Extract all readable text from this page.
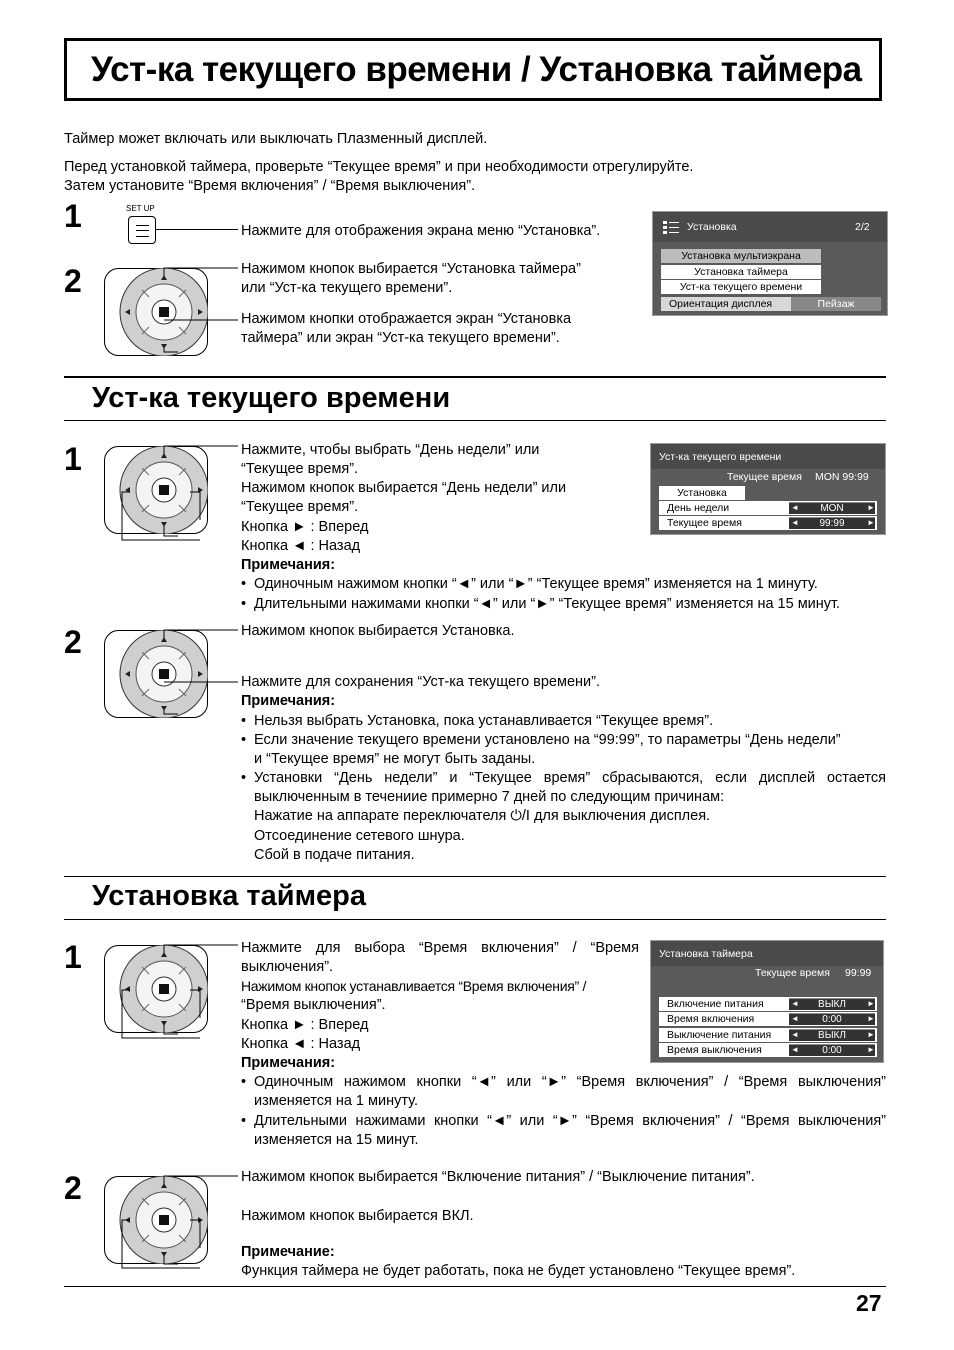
Уст-ка текущего времени / Установка таймера
Таймер может включать или выключать Плазменный дисплей.
Перед установкой таймера, проверьте “Текущее время” и при необходимости отрегулируйте.
Затем установите “Время включения” / “Время выключения”.
1	SET UP
Нажмите для отображения экрана меню “Установка”.
2	Нажимом кнопок выбирается “Установка таймера”
или “Уст-ка текущего времени”.
Нажимом кнопки отображается экран “Установка
таймера” или экран “Уст-ка текущего времени”.
Установка	2/2
Установка мультиэкрана
Установка таймера
Уст-ка текущего времени
Ориентация дисплея	Пейзаж
Уст-ка текущего времени
1	Нажмите, чтобы выбрать “День недели” или
“Текущее время”.
Нажимом кнопок выбирается “День недели” или
“Текущее время”.
Кнопка ► : Вперед
Кнопка ◄ : Назад
Примечания:
• Одиночным нажимом кнопки “◄” или “►” “Текущее время” изменяется на 1 минуту.
• Длительными нажимами кнопки “◄” или “►” “Текущее время” изменяется на 15 минут.
Уст-ка текущего времени
Текущее время MON 99:99
Установка
День недели	MON
◄	►
Текущее время	99:99
◄	►
2	Нажимом кнопок выбирается Установка.
Нажмите для сохранения “Уст-ка текущего времени”.
Примечания:
• Нельзя выбрать Установка, пока устанавливается “Текущее время”.
• Если значение текущего времени установлено на “99:99”, то параметры “День недели”
и “Текущее время” не могут быть заданы.
• Установки “День недели” и “Текущее время” сбрасываются, если дисплей остается
выключенным в течениие примерно 7 дней по следующим причинам:
Нажатие на аппарате переключателя ⏻/I для выключения дисплея.
Отсоединение сетевого шнура.
Сбой в подаче питания.
Установка таймера
1	Нажмите для выбора “Время включения” / “Время
выключения”.
Нажимом кнопок устанавливается “Время включения” /
“Время выключения”.
Кнопка ► : Вперед
Кнопка ◄ : Назад
Примечания:
• Одиночным нажимом кнопки “◄” или “►” “Время включения” / “Время выключения”
изменяется на 1 минуту.
• Длительными нажимами кнопки “◄” или “►” “Время включения” / “Время выключения”
изменяется на 15 минут.
Установка таймера
Текущее время 99:99
Включение питания	ВЫКЛ
◄	►
Время включения	0:00
◄	►
Выключение питания	ВЫКЛ
◄	►
Время выключения	0:00
◄	►
2	Нажимом кнопок выбирается “Включение питания” / “Выключение питания”.
Нажимом кнопок выбирается ВКЛ.
Примечание:
Функция таймера не будет работать, пока не будет установлено “Текущее время”.
27
